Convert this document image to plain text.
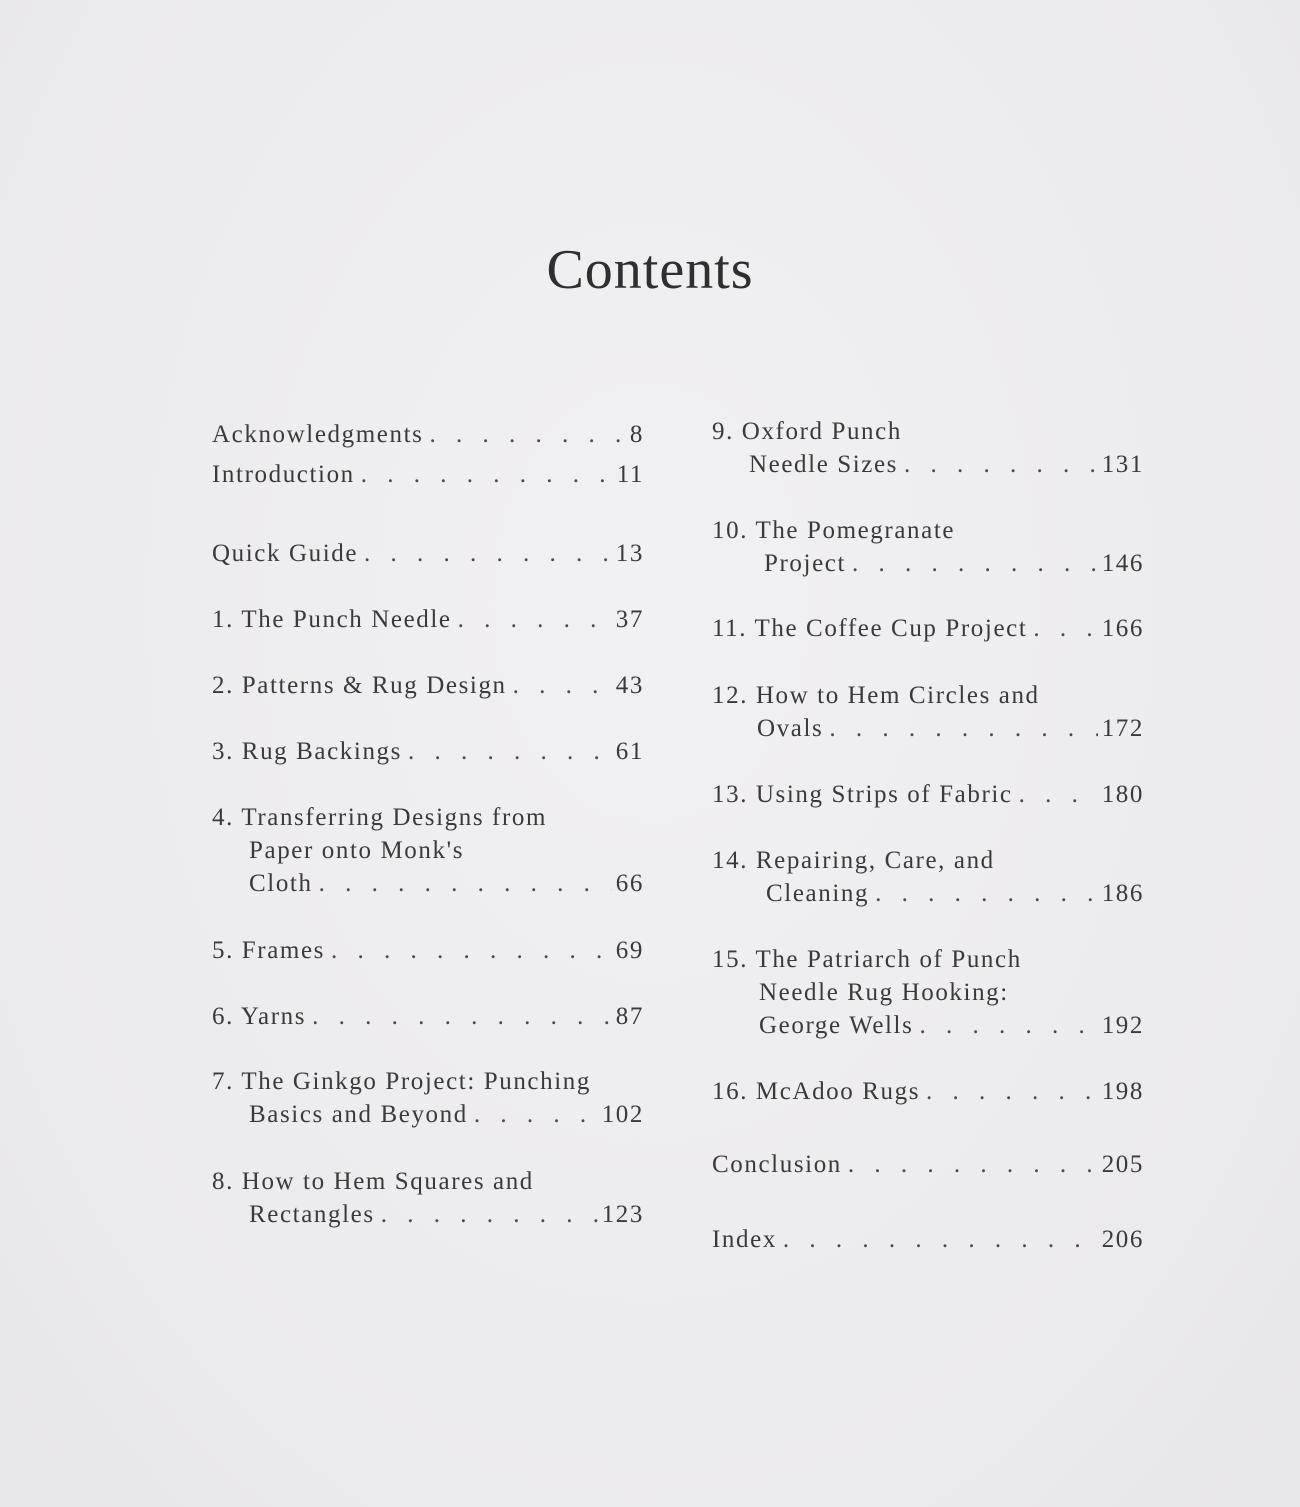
Contents
Acknowledgments . . .	8
Introduction . . .	11
Quick Guide . . .	13
1. The Punch Needle . . .	37
2. Patterns & Rug Design . . .	43
3. Rug Backings . . .	61
4. Transferring Designs from
Paper onto Monk's
Cloth . . .	66
5. Frames . . .	69
6. Yarns . . .	87
7. The Ginkgo Project: Punching
Basics and Beyond . . .	102
8. How to Hem Squares and
Rectangles . . .	123
9. Oxford Punch
Needle Sizes . . .	131
10. The Pomegranate
Project . . .	146
11. The Coffee Cup Project . . .	166
12. How to Hem Circles and
Ovals . . .	172
13. Using Strips of Fabric . . .	180
14. Repairing, Care, and
Cleaning . . .	186
15. The Patriarch of Punch
Needle Rug Hooking:
George Wells . . .	192
16. McAdoo Rugs . . .	198
Conclusion . . .	205
Index . . .	206
